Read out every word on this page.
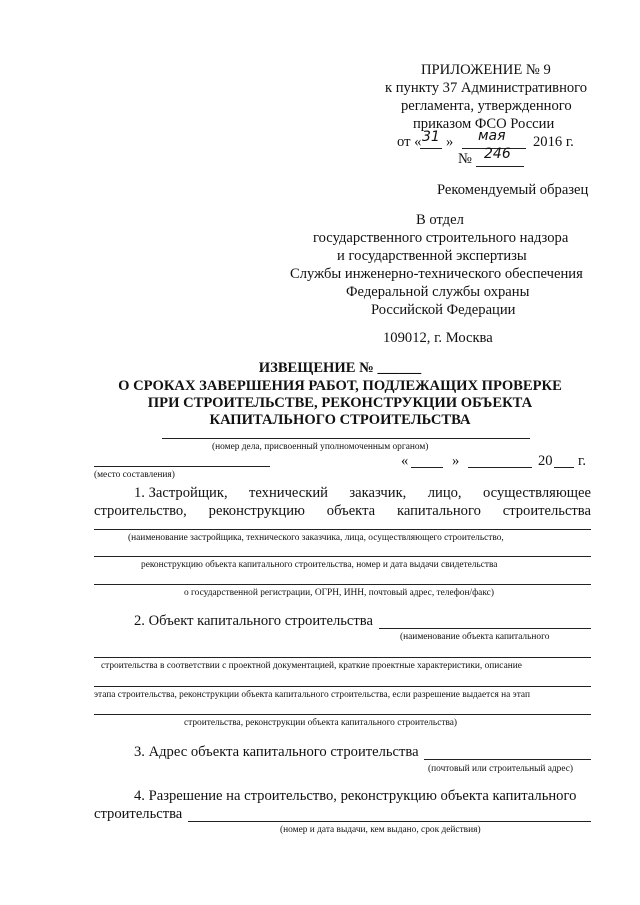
ПРИЛОЖЕНИЕ № 9
к пункту 37 Административного
регламента, утвержденного
приказом ФСО России
от « 31 » мая 2016 г.
№ 246
Рекомендуемый образец
В отдел
государственного строительного надзора
и государственной экспертизы
Службы инженерно-технического обеспечения
Федеральной службы охраны
Российской Федерации
109012, г. Москва
ИЗВЕЩЕНИЕ № ______
О СРОКАХ ЗАВЕРШЕНИЯ РАБОТ, ПОДЛЕЖАЩИХ ПРОВЕРКЕ
ПРИ СТРОИТЕЛЬСТВЕ, РЕКОНСТРУКЦИИ ОБЪЕКТА
КАПИТАЛЬНОГО СТРОИТЕЛЬСТВА
(номер дела, присвоенный уполномоченным органом)
(место составления)
«	»	20 г.
1. Застройщик, технический заказчик, лицо, осуществляющее
строительство, реконструкцию объекта капитального строительства
(наименование застройщика, технического заказчика, лица, осуществляющего строительство,
реконструкцию объекта капитального строительства, номер и дата выдачи свидетельства
о государственной регистрации, ОГРН, ИНН, почтовый адрес, телефон/факс)
2. Объект капитального строительства
(наименование объекта капитального
строительства в соответствии с проектной документацией, краткие проектные характеристики, описание
этапа строительства, реконструкции объекта капитального строительства, если разрешение выдается на этап
строительства, реконструкции объекта капитального строительства)
3. Адрес объекта капитального строительства
(почтовый или строительный адрес)
4. Разрешение на строительство, реконструкцию объекта капитального
строительства
(номер и дата выдачи, кем выдано, срок действия)
